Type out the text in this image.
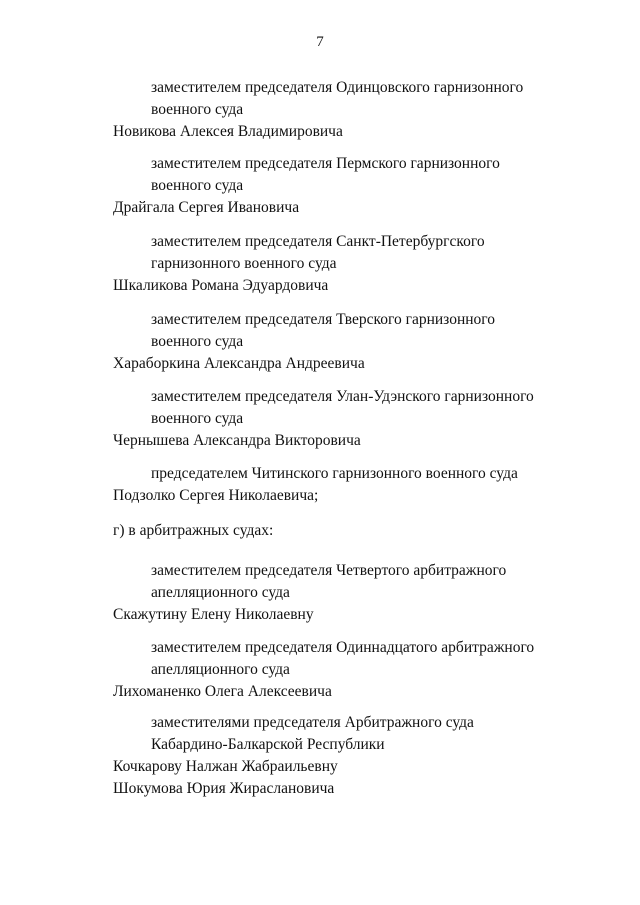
7
заместителем председателя Одинцовского гарнизонного
военного суда
Новикова Алексея Владимировича
заместителем председателя Пермского гарнизонного
военного суда
Драйгала Сергея Ивановича
заместителем председателя Санкт-Петербургского
гарнизонного военного суда
Шкаликова Романа Эдуардовича
заместителем председателя Тверского гарнизонного
военного суда
Хараборкина Александра Андреевича
заместителем председателя Улан-Удэнского гарнизонного
военного суда
Чернышева Александра Викторовича
председателем Читинского гарнизонного военного суда
Подзолко Сергея Николаевича;
г) в арбитражных судах:
заместителем председателя Четвертого арбитражного
апелляционного суда
Скажутину Елену Николаевну
заместителем председателя Одиннадцатого арбитражного
апелляционного суда
Лихоманенко Олега Алексеевича
заместителями председателя Арбитражного суда
Кабардино-Балкарской Республики
Кочкарову Налжан Жабраильевну
Шокумова Юрия Жираслановича
